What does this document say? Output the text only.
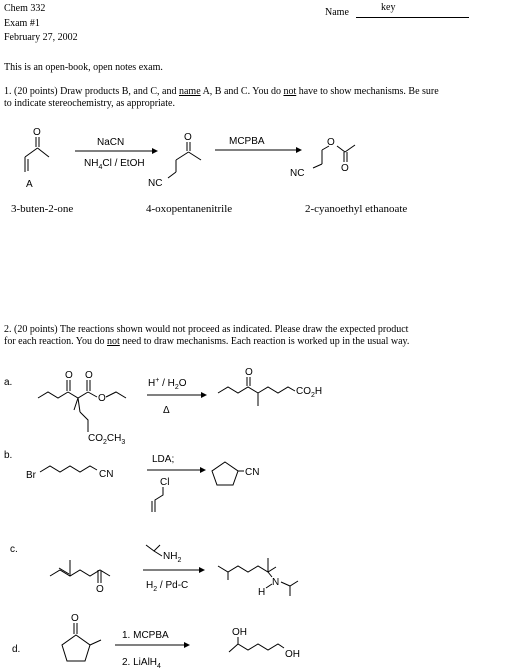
Chem 332
Exam #1
February 27, 2002
Name	key
This is an open-book, open notes exam.
1. (20 points) Draw products B, and C, and name A, B and C. You do not have to show mechanisms. Be sure
to indicate stereochemistry, as appropriate.
2. (20 points) The reactions shown would not proceed as indicated. Please draw the expected product
for each reaction. You do not need to draw mechanisms. Each reaction is worked up in the usual way.
3-buten-2-one	4-oxopentanenitrile	2-cyanoethyl ethanoate
O
A
NaCN
$NH_4Cl$ / EtOH
O
NC
MCPBA	O
O
NC
a.
O O
O
$CO_2CH_3$
$H^+ / H_2O$
Δ
O
$CO_2H$
b.
Br	CN
LDA;
Cl
CN
c.
O
$NH_2$
$H_2 / Pd-C$	N
H
d.
O
1. MCPBA
2. LiAlH$_4$
OH
OH
